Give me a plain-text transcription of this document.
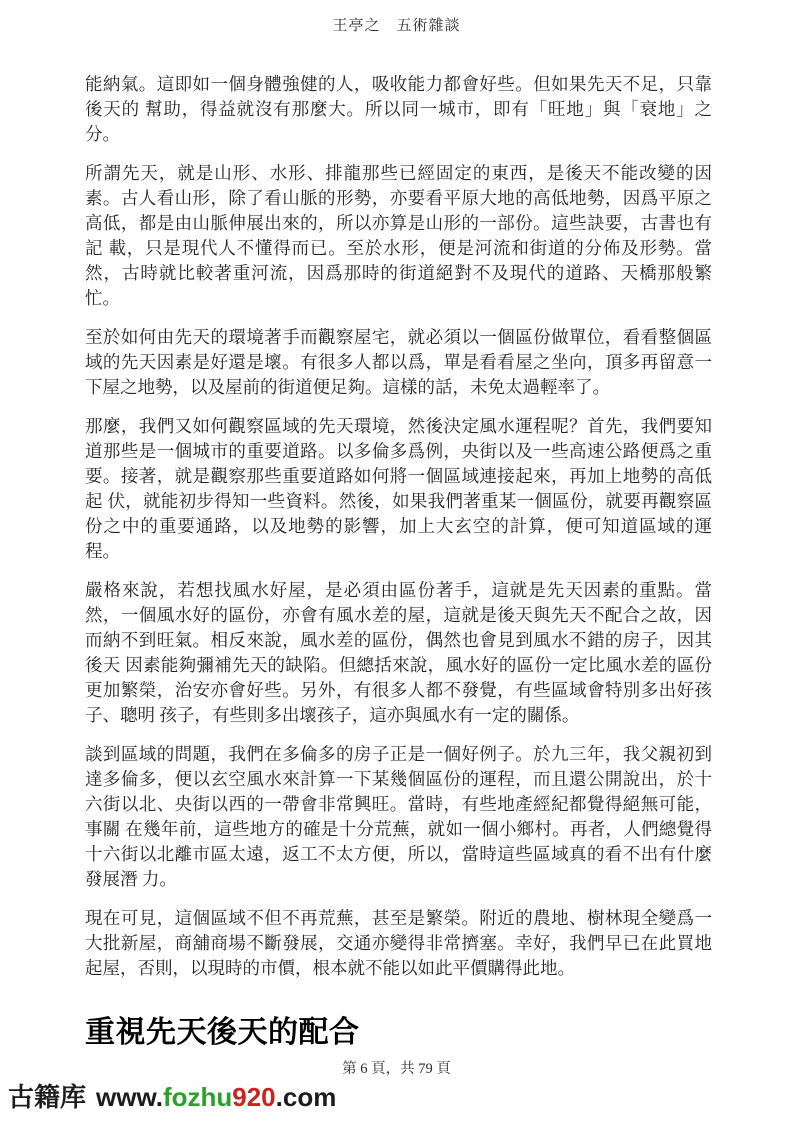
王亭之　五術雜談

能納氣。這即如一個身體強健的人，吸收能力都會好些。但如果先天不足，只靠後天的 幫助，得益就沒有那麼大。所以同一城市，即有「旺地」與「衰地」之分。

所謂先天，就是山形、水形、排龍那些已經固定的東西，是後天不能改變的因素。古人看山形，除了看山脈的形勢，亦要看平原大地的高低地勢，因爲平原之高低，都是由山脈伸展出來的，所以亦算是山形的一部份。這些訣要，古書也有記 載，只是現代人不懂得而已。至於水形，便是河流和街道的分佈及形勢。當然，古時就比較著重河流，因爲那時的街道絕對不及現代的道路、天橋那般繁忙。

至於如何由先天的環境著手而觀察屋宅，就必須以一個區份做單位，看看整個區域的先天因素是好還是壞。有很多人都以爲，單是看看屋之坐向，頂多再留意一下屋之地勢，以及屋前的街道便足夠。這樣的話，未免太過輕率了。

那麼，我們又如何觀察區域的先天環境，然後決定風水運程呢？首先，我們要知 道那些是一個城市的重要道路。以多倫多爲例，央街以及一些高速公路便爲之重要。接著，就是觀察那些重要道路如何將一個區域連接起來，再加上地勢的高低起 伏，就能初步得知一些資料。然後，如果我們著重某一個區份，就要再觀察區份之中的重要通路，以及地勢的影響，加上大玄空的計算，便可知道區域的運程。

嚴格來說，若想找風水好屋，是必須由區份著手，這就是先天因素的重點。當然，一個風水好的區份，亦會有風水差的屋，這就是後天與先天不配合之故，因而納不到旺氣。相反來說，風水差的區份，偶然也會見到風水不錯的房子，因其後天 因素能夠彌補先天的缺陷。但總括來說，風水好的區份一定比風水差的區份更加繁榮，治安亦會好些。另外，有很多人都不發覺，有些區域會特別多出好孩子、聰明 孩子，有些則多出壞孩子，這亦與風水有一定的關係。

談到區域的問題，我們在多倫多的房子正是一個好例子。於九三年，我父親初到 達多倫多，便以玄空風水來計算一下某幾個區份的運程，而且還公開說出，於十六街以北、央街以西的一帶會非常興旺。當時，有些地產經紀都覺得絕無可能，事關 在幾年前，這些地方的確是十分荒蕪，就如一個小鄉村。再者，人們總覺得十六街以北離市區太遠，返工不太方便，所以，當時這些區域真的看不出有什麼發展潛 力。

現在可見，這個區域不但不再荒蕪，甚至是繁榮。附近的農地、樹林現全變爲一大批新屋，商舖商場不斷發展，交通亦變得非常擠塞。幸好，我們早已在此買地起屋，否則，以現時的市價，根本就不能以如此平價購得此地。

重視先天後天的配合
第 6 頁，共 79 頁
古籍库 www.fozhu920.com
